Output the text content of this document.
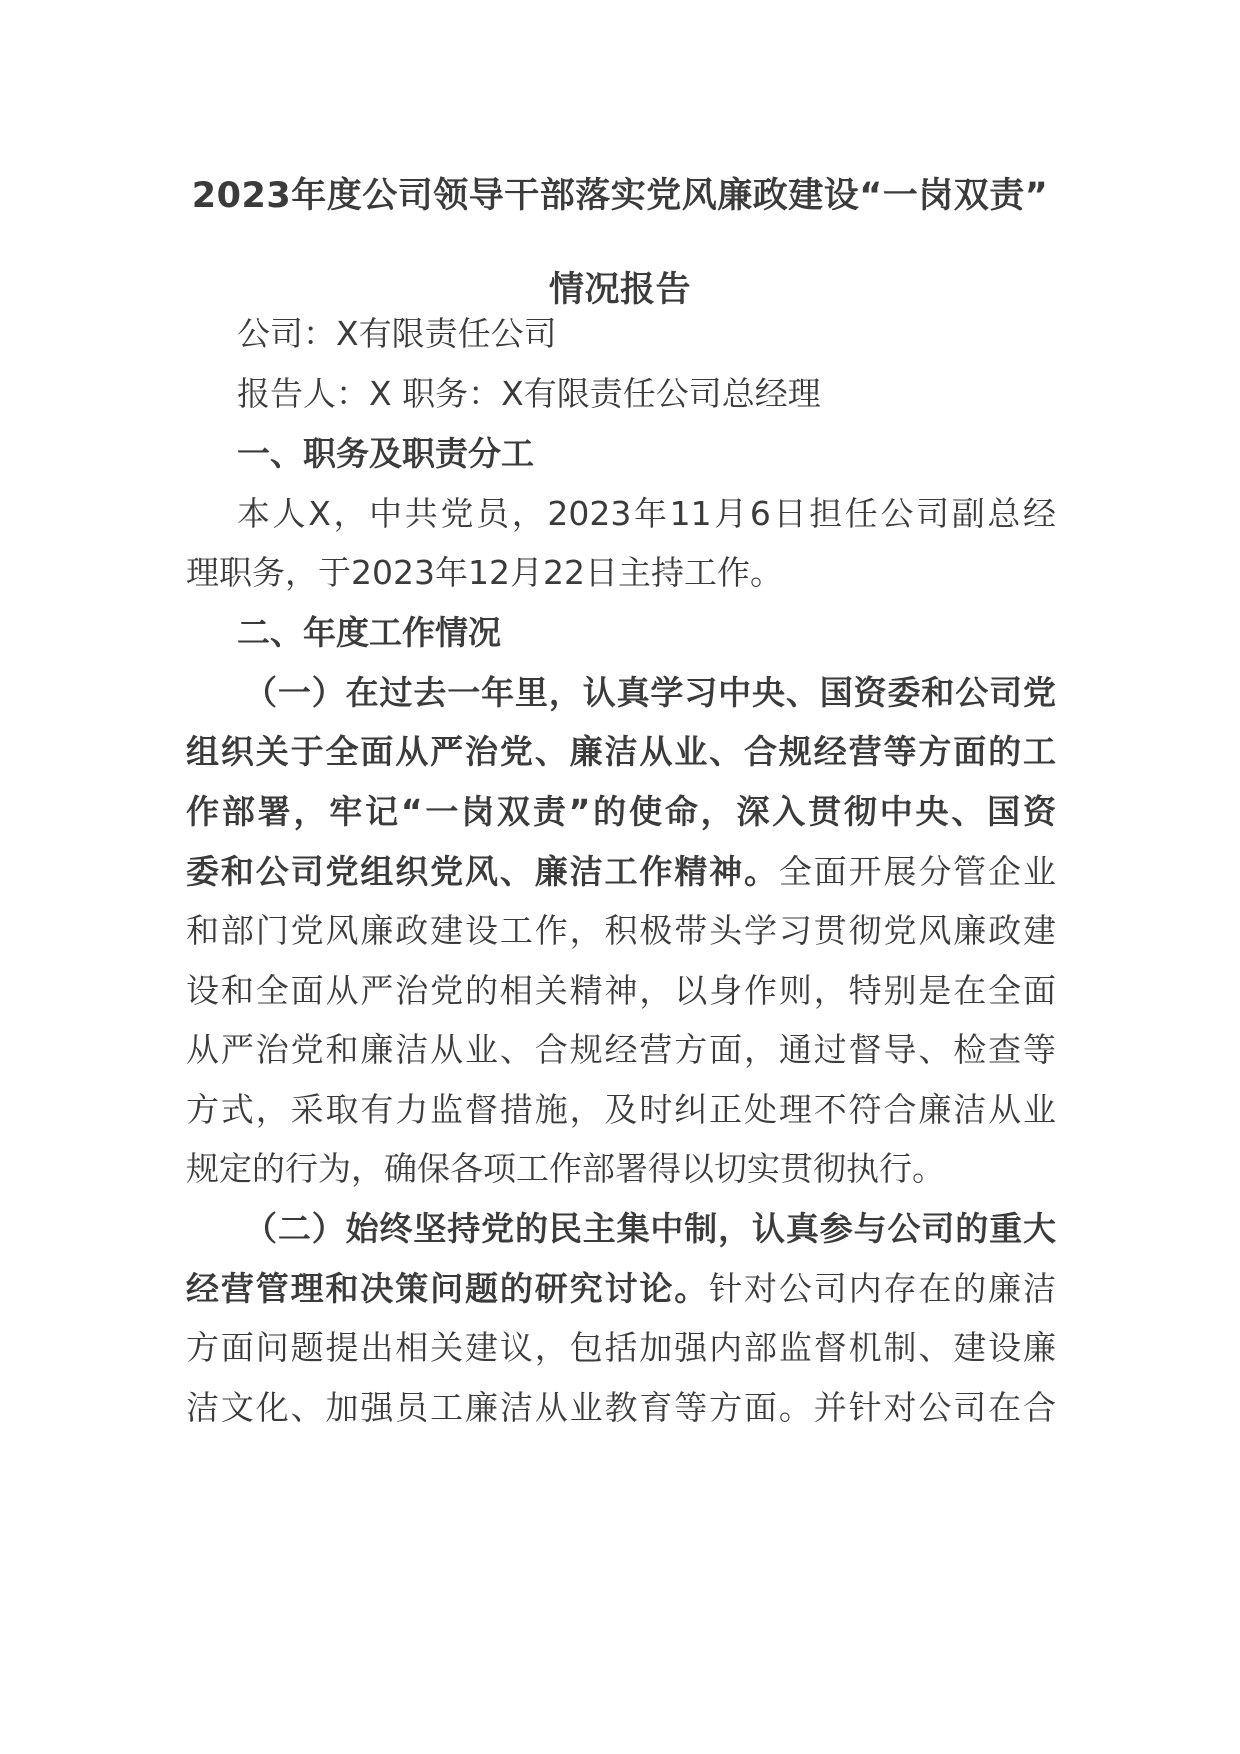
2023年度公司领导干部落实党风廉政建设“一岗双责”
情况报告
公司：X有限责任公司
报告人：X 职务：X有限责任公司总经理
一、职务及职责分工
本人X，中共党员，2023年11月6日担任公司副总经
理职务，于2023年12月22日主持工作。
二、年度工作情况
（一）在过去一年里，认真学习中央、国资委和公司党
组织关于全面从严治党、廉洁从业、合规经营等方面的工
作部署，牢记“一岗双责”的使命，深入贯彻中央、国资
委和公司党组织党风、廉洁工作精神。全面开展分管企业
和部门党风廉政建设工作，积极带头学习贯彻党风廉政建
设和全面从严治党的相关精神，以身作则，特别是在全面
从严治党和廉洁从业、合规经营方面，通过督导、检查等
方式，采取有力监督措施，及时纠正处理不符合廉洁从业
规定的行为，确保各项工作部署得以切实贯彻执行。
（二）始终坚持党的民主集中制，认真参与公司的重大
经营管理和决策问题的研究讨论。针对公司内存在的廉洁
方面问题提出相关建议，包括加强内部监督机制、建设廉
洁文化、加强员工廉洁从业教育等方面。并针对公司在合
